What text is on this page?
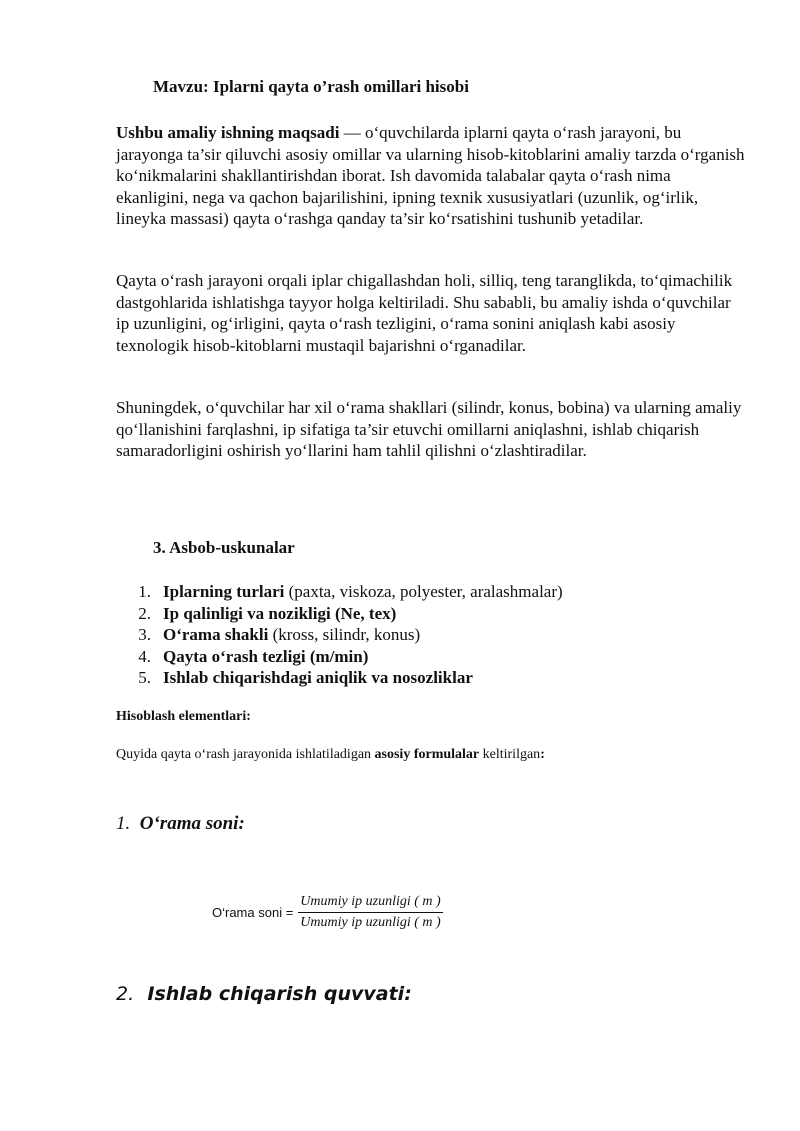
Mavzu: Iplarni qayta o’rash omillari hisobi

Ushbu amaliy ishning maqsadi — o‘quvchilarda iplarni qayta o‘rash jarayoni, bu jarayonga ta’sir qiluvchi asosiy omillar va ularning hisob-kitoblarini amaliy tarzda o‘rganish ko‘nikmalarini shakllantirishdan iborat. Ish davomida talabalar qayta o‘rash nima ekanligini, nega va qachon bajarilishini, ipning texnik xususiyatlari (uzunlik, og‘irlik, lineyka massasi) qayta o‘rashga qanday ta’sir ko‘rsatishini tushunib yetadilar.

Qayta o‘rash jarayoni orqali iplar chigallashdan holi, silliq, teng taranglikda, to‘qimachilik dastgohlarida ishlatishga tayyor holga keltiriladi. Shu sababli, bu amaliy ishda o‘quvchilar ip uzunligini, og‘irligini, qayta o‘rash tezligini, o‘rama sonini aniqlash kabi asosiy texnologik hisob-kitoblarni mustaqil bajarishni o‘rganadilar.

Shuningdek, o‘quvchilar har xil o‘rama shakllari (silindr, konus, bobina) va ularning amaliy qo‘llanishini farqlashni, ip sifatiga ta’sir etuvchi omillarni aniqlashni, ishlab chiqarish samaradorligini oshirish yo‘llarini ham tahlil qilishni o‘zlashtiradilar.

3. Asbob-uskunalar
1. Iplarning turlari (paxta, viskoza, polyester, aralashmalar)
2. Ip qalinligi va nozikligi (Ne, tex)
3. O‘rama shakli (kross, silindr, konus)
4. Qayta o‘rash tezligi (m/min)
5. Ishlab chiqarishdagi aniqlik va nosozliklar
Hisoblash elementlari:

Quyida qayta o‘rash jarayonida ishlatiladigan asosiy formulalar keltirilgan:

1. O‘rama soni:
O‘rama soni = $\frac{\text{Umumiy ip uzunligi ( m )}}{\text{Umumiy ip uzunligi ( m )}}$
2. Ishlab chiqarish quvvati:
